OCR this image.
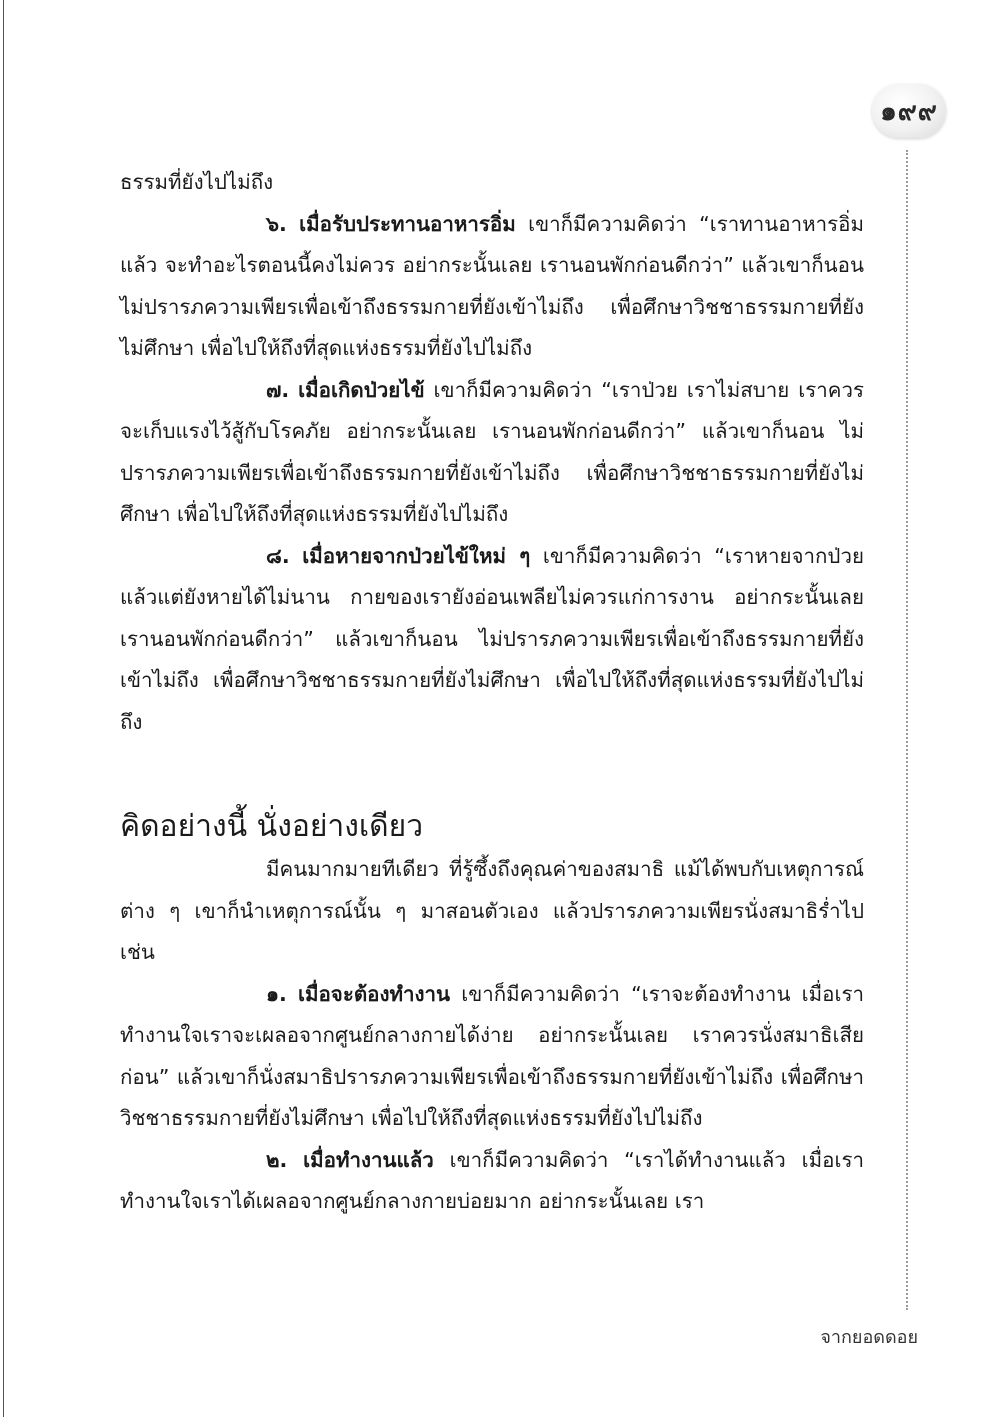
๑๙๙

ธรรมที่ยังไปไม่ถึง

๖. เมื่อรับประทานอาหารอิ่ม เขาก็มีความคิดว่า “เราทานอาหารอิ่มแล้ว จะทำอะไรตอนนี้คงไม่ควร อย่ากระนั้นเลย เรานอนพักก่อนดีกว่า” แล้วเขาก็นอน ไม่ปรารภความเพียรเพื่อเข้าถึงธรรมกายที่ยังเข้าไม่ถึง เพื่อศึกษาวิชชาธรรมกายที่ยังไม่ศึกษา เพื่อไปให้ถึงที่สุดแห่งธรรมที่ยังไปไม่ถึง

๗. เมื่อเกิดป่วยไข้ เขาก็มีความคิดว่า “เราป่วย เราไม่สบาย เราควรจะเก็บแรงไว้สู้กับโรคภัย อย่ากระนั้นเลย เรานอนพักก่อนดีกว่า” แล้วเขาก็นอน ไม่ปรารภความเพียรเพื่อเข้าถึงธรรมกายที่ยังเข้าไม่ถึง เพื่อศึกษาวิชชาธรรมกายที่ยังไม่ศึกษา เพื่อไปให้ถึงที่สุดแห่งธรรมที่ยังไปไม่ถึง

๘. เมื่อหายจากป่วยไข้ใหม่ ๆ เขาก็มีความคิดว่า “เราหายจากป่วยแล้วแต่ยังหายได้ไม่นาน กายของเรายังอ่อนเพลียไม่ควรแก่การงาน อย่ากระนั้นเลย เรานอนพักก่อนดีกว่า” แล้วเขาก็นอน ไม่ปรารภความเพียรเพื่อเข้าถึงธรรมกายที่ยังเข้าไม่ถึง เพื่อศึกษาวิชชาธรรมกายที่ยังไม่ศึกษา เพื่อไปให้ถึงที่สุดแห่งธรรมที่ยังไปไม่ถึง

คิดอย่างนี้ นั่งอย่างเดียว

มีคนมากมายทีเดียว ที่รู้ซึ้งถึงคุณค่าของสมาธิ แม้ได้พบกับเหตุการณ์ต่าง ๆ เขาก็นำเหตุการณ์นั้น ๆ มาสอนตัวเอง แล้วปรารภความเพียรนั่งสมาธิร่ำไป เช่น

๑. เมื่อจะต้องทำงาน เขาก็มีความคิดว่า “เราจะต้องทำงาน เมื่อเราทำงานใจเราจะเผลอจากศูนย์กลางกายได้ง่าย อย่ากระนั้นเลย เราควรนั่งสมาธิเสียก่อน” แล้วเขาก็นั่งสมาธิปรารภความเพียรเพื่อเข้าถึงธรรมกายที่ยังเข้าไม่ถึง เพื่อศึกษาวิชชาธรรมกายที่ยังไม่ศึกษา เพื่อไปให้ถึงที่สุดแห่งธรรมที่ยังไปไม่ถึง

๒. เมื่อทำงานแล้ว เขาก็มีความคิดว่า “เราได้ทำงานแล้ว เมื่อเราทำงานใจเราได้เผลอจากศูนย์กลางกายบ่อยมาก อย่ากระนั้นเลย เรา

จากยอดดอย
